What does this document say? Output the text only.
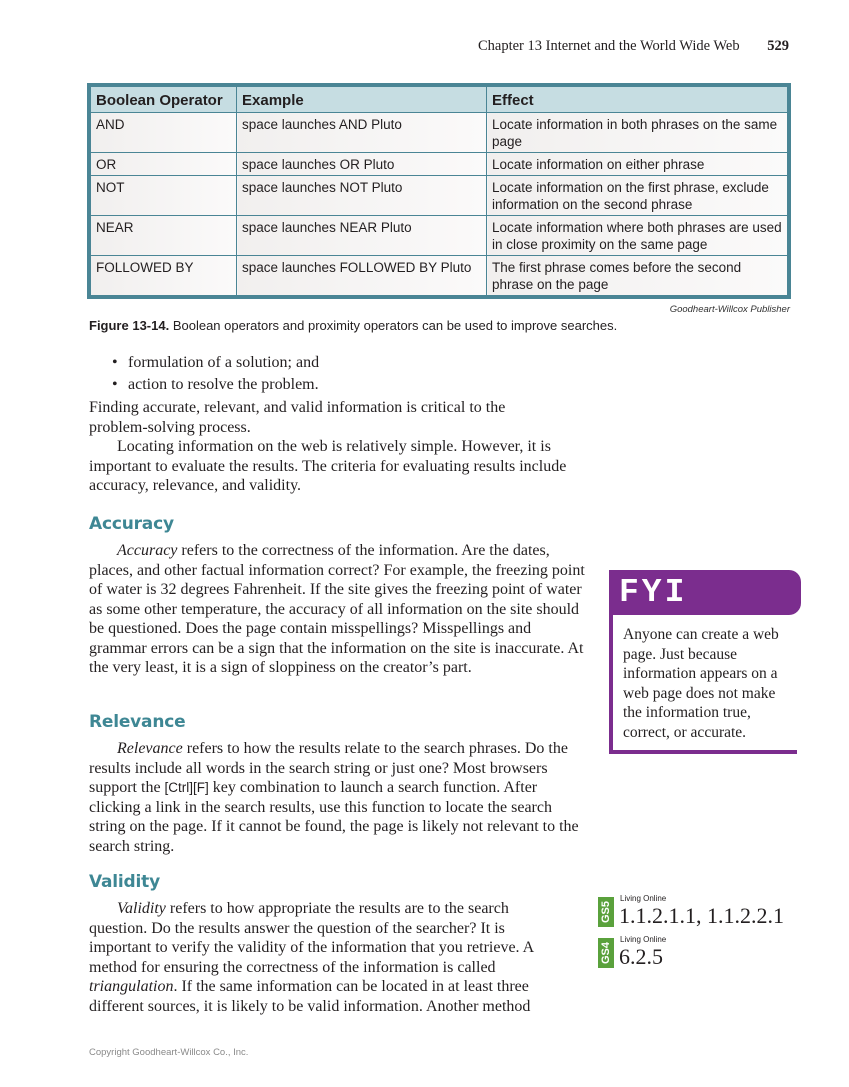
Chapter 13 Internet and the World Wide Web 529
Boolean Operator	Example	Effect
AND	space launches AND Pluto	Locate information in both phrases on the same page
OR	space launches OR Pluto	Locate information on either phrase
NOT	space launches NOT Pluto	Locate information on the first phrase, exclude information on the second phrase
NEAR	space launches NEAR Pluto	Locate information where both phrases are used in close proximity on the same page
FOLLOWED BY	space launches FOLLOWED BY Pluto	The first phrase comes before the second phrase on the page
Goodheart-Willcox Publisher
Figure 13-14. Boolean operators and proximity operators can be used to improve searches.
• formulation of a solution; and
• action to resolve the problem.

Finding accurate, relevant, and valid information is critical to the problem-solving process.

Locating information on the web is relatively simple. However, it is important to evaluate the results. The criteria for evaluating results include accuracy, relevance, and validity.

Accuracy

Accuracy refers to the correctness of the information. Are the dates, places, and other factual information correct? For example, the freezing point of water is 32 degrees Fahrenheit. If the site gives the freezing point of water as some other temperature, the accuracy of all information on the site should be questioned. Does the page contain misspellings? Misspellings and grammar errors can be a sign that the information on the site is inaccurate. At the very least, it is a sign of sloppiness on the creator’s part.

Relevance

Relevance refers to how the results relate to the search phrases. Do the results include all words in the search string or just one? Most browsers support the [Ctrl][F] key combination to launch a search function. After clicking a link in the search results, use this function to locate the search string on the page. If it cannot be found, the page is likely not relevant to the search string.

Validity

Validity refers to how appropriate the results are to the search question. Do the results answer the question of the searcher? It is important to verify the validity of the information that you retrieve. A method for ensuring the correctness of the information is called triangulation. If the same information can be located in at least three different sources, it is likely to be valid information. Another method

FYI
Anyone can create a web page. Just because information appears on a web page does not make the information true, correct, or accurate.
GS5
Living Online
1.1.2.1.1, 1.1.2.2.1
GS4
Living Online
6.2.5
Copyright Goodheart-Willcox Co., Inc.
